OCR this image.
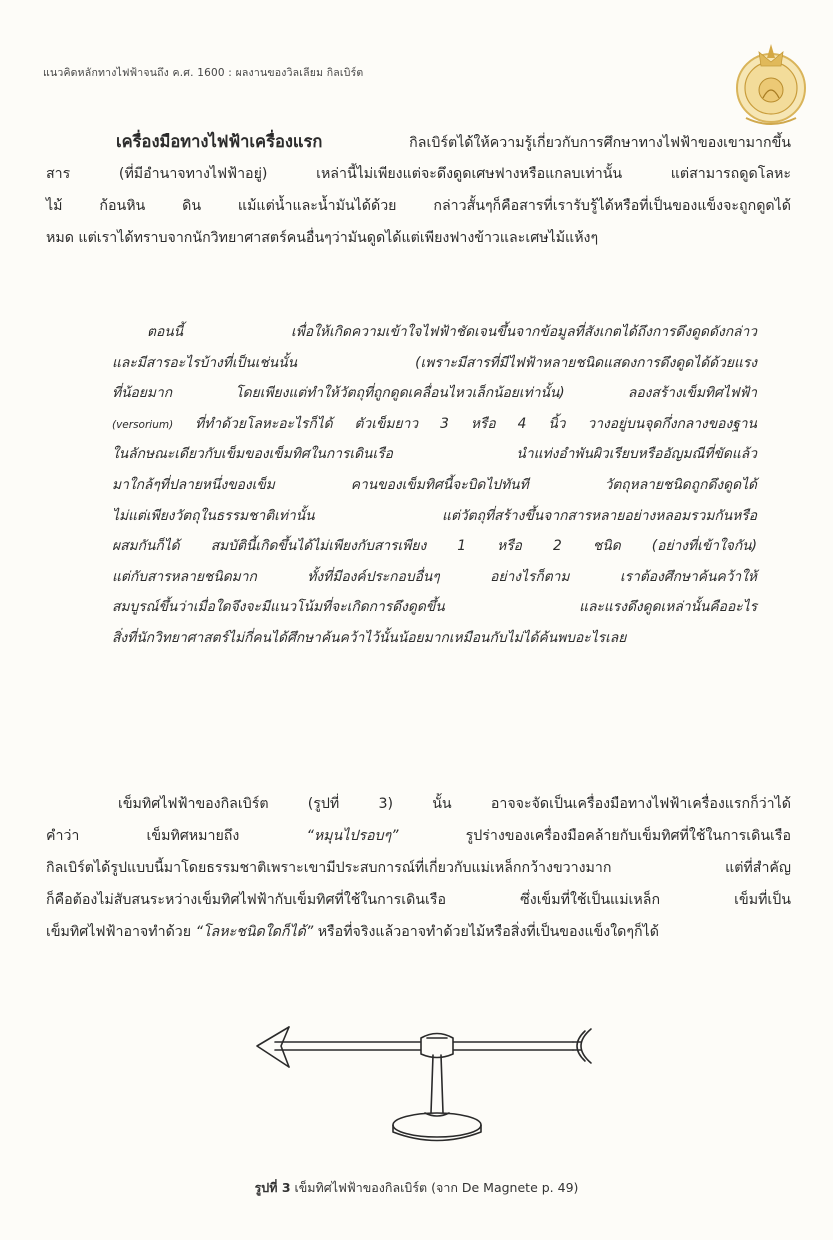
แนวคิดหลักทางไฟฟ้าจนถึง ค.ศ. 1600 : ผลงานของวิลเลียม กิลเบิร์ต
เครื่องมือทางไฟฟ้าเครื่องแรก กิลเบิร์ตได้ให้ความรู้เกี่ยวกับการศึกษาทางไฟฟ้าของเขามากขึ้น
สาร (ที่มีอำนาจทางไฟฟ้าอยู่) เหล่านี้ไม่เพียงแต่จะดึงดูดเศษฟางหรือแกลบเท่านั้น แต่สามารถดูดโลหะ
ไม้ ก้อนหิน ดิน แม้แต่น้ำและน้ำมันได้ด้วย กล่าวสั้นๆก็คือสารที่เรารับรู้ได้หรือที่เป็นของแข็งจะถูกดูดได้
หมด แต่เราได้ทราบจากนักวิทยาศาสตร์คนอื่นๆว่ามันดูดได้แต่เพียงฟางข้าวและเศษไม้แห้งๆ
ตอนนี้ เพื่อให้เกิดความเข้าใจไฟฟ้าชัดเจนขึ้นจากข้อมูลที่สังเกตได้ถึงการดึงดูดดังกล่าว
และมีสารอะไรบ้างที่เป็นเช่นนั้น (เพราะมีสารที่มีไฟฟ้าหลายชนิดแสดงการดึงดูดได้ด้วยแรง
ที่น้อยมาก โดยเพียงแต่ทำให้วัตถุที่ถูกดูดเคลื่อนไหวเล็กน้อยเท่านั้น) ลองสร้างเข็มทิศไฟฟ้า
(versorium) ที่ทำด้วยโลหะอะไรก็ได้ ตัวเข็มยาว 3 หรือ 4 นิ้ว วางอยู่บนจุดกึ่งกลางของฐาน
ในลักษณะเดียวกับเข็มของเข็มทิศในการเดินเรือ นำแท่งอำพันผิวเรียบหรืออัญมณีที่ขัดแล้ว
มาใกล้ๆที่ปลายหนึ่งของเข็ม คานของเข็มทิศนี้จะบิดไปทันที วัตถุหลายชนิดถูกดึงดูดได้
ไม่แต่เพียงวัตถุในธรรมชาติเท่านั้น แต่วัตถุที่สร้างขึ้นจากสารหลายอย่างหลอมรวมกันหรือ
ผสมกันก็ได้ สมบัตินี้เกิดขึ้นได้ไม่เพียงกับสารเพียง 1 หรือ 2 ชนิด (อย่างที่เข้าใจกัน)
แต่กับสารหลายชนิดมาก ทั้งที่มีองค์ประกอบอื่นๆ อย่างไรก็ตาม เราต้องศึกษาค้นคว้าให้
สมบูรณ์ขึ้นว่าเมื่อใดจึงจะมีแนวโน้มที่จะเกิดการดึงดูดขึ้น และแรงดึงดูดเหล่านั้นคืออะไร
สิ่งที่นักวิทยาศาสตร์ไม่กี่คนได้ศึกษาค้นคว้าไว้นั้นน้อยมากเหมือนกับไม่ได้ค้นพบอะไรเลย
เข็มทิศไฟฟ้าของกิลเบิร์ต (รูปที่ 3) นั้น อาจจะจัดเป็นเครื่องมือทางไฟฟ้าเครื่องแรกก็ว่าได้
คำว่า เข็มทิศหมายถึง “หมุนไปรอบๆ” รูปร่างของเครื่องมือคล้ายกับเข็มทิศที่ใช้ในการเดินเรือ
กิลเบิร์ตได้รูปแบบนี้มาโดยธรรมชาติเพราะเขามีประสบการณ์ที่เกี่ยวกับแม่เหล็กกว้างขวางมาก แต่ที่สำคัญ
ก็คือต้องไม่สับสนระหว่างเข็มทิศไฟฟ้ากับเข็มทิศที่ใช้ในการเดินเรือ ซึ่งเข็มที่ใช้เป็นแม่เหล็ก เข็มที่เป็น
เข็มทิศไฟฟ้าอาจทำด้วย “โลหะชนิดใดก็ได้” หรือที่จริงแล้วอาจทำด้วยไม้หรือสิ่งที่เป็นของแข็งใดๆก็ได้
รูปที่ 3 เข็มทิศไฟฟ้าของกิลเบิร์ต (จาก De Magnete p. 49)
